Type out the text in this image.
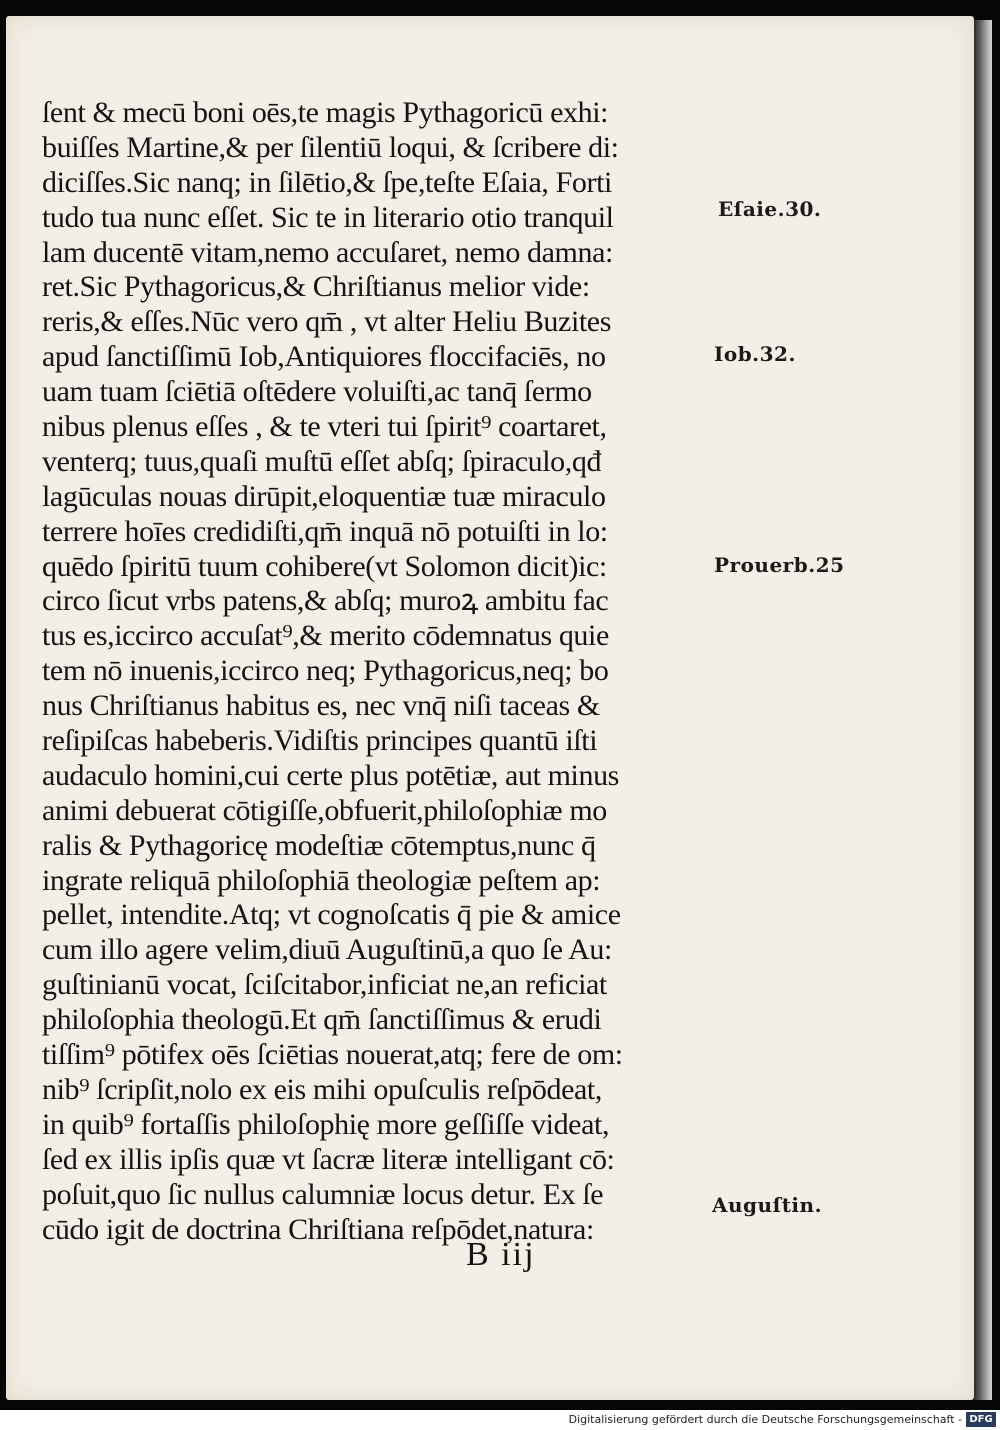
ſent & mecū boni oēs,te magis Pythagoricū exhi:
buiſſes Martine,& per ſilentiū loqui, & ſcribere di:
diciſſes.Sic nanq; in ſilētio,& ſpe,teſte Eſaia, Forti
tudo tua nunc eſſet. Sic te in literario otio tranquil
lam ducentē vitam,nemo accuſaret, nemo damna:
ret.Sic Pythagoricus,& Chriſtianus melior vide:
reris,& eſſes.Nūc vero qm̄ , vt alter Heliu Buzites
apud ſanctiſſimū Iob,Antiquiores floccifaciēs, no
uam tuam ſciētiā oſtēdere voluiſti,ac tanq̄ ſermo
nibus plenus eſſes , & te vteri tui ſpirit⁹ coartaret,
venterq; tuus,quaſi muſtū eſſet abſq; ſpiraculo,qđ
lagūculas nouas dirūpit,eloquentiæ tuæ miraculo
terrere hoīes credidiſti,qm̄ inquā nō potuiſti in lo:
quēdo ſpiritū tuum cohibere(vt Solomon dicit)ic:
circo ſicut vrbs patens,& abſq; muroꝝ ambitu fac
tus es,iccirco accuſat⁹,& merito cōdemnatus quie
tem nō inuenis,iccirco neq; Pythagoricus,neq; bo
nus Chriſtianus habitus es, nec vnq̄ niſi taceas &
reſipiſcas habeberis.Vidiſtis principes quantū iſti
audaculo homini,cui certe plus potētiæ, aut minus
animi debuerat cōtigiſſe,obfuerit,philoſophiæ mo
ralis & Pythagoricę modeſtiæ cōtemptus,nunc q̄
ingrate reliquā philoſophiā theologiæ peſtem ap:
pellet, intendite.Atq; vt cognoſcatis q̄ pie & amice
cum illo agere velim,diuū Auguſtinū,a quo ſe Au:
guſtinianū vocat, ſciſcitabor,inficiat ne,an reficiat
philoſophia theologū.Et qm̄ ſanctiſſimus & erudi
tiſſim⁹ pōtifex oēs ſciētias nouerat,atq; fere de om:
nib⁹ ſcripſit,nolo ex eis mihi opuſculis reſpōdeat,
in quib⁹ fortaſſis philoſophię more geſſiſſe videat,
ſed ex illis ipſis quæ vt ſacræ literæ intelligant cō:
poſuit,quo ſic nullus calumniæ locus detur. Ex ſe
cūdo igit de doctrina Chriſtiana reſpōdet,natura:
Eſaie.30.
Iob.32.
Prouerb.25
Auguſtin.
B iij
Digitalisierung gefördert durch die Deutsche Forschungsgemeinschaft - DFG
